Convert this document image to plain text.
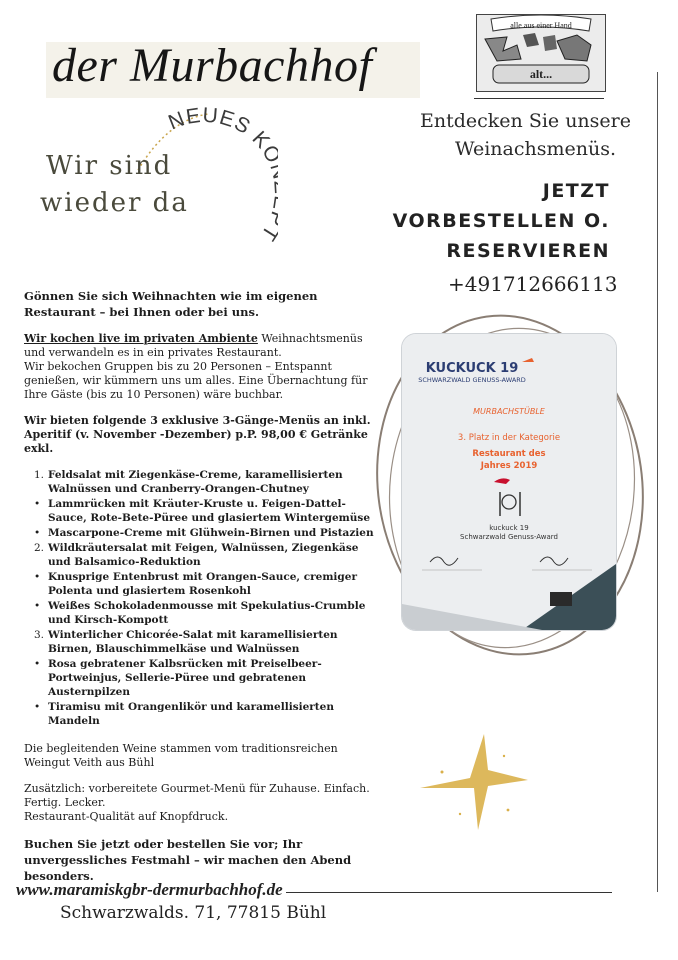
der Murbachhof
alle aus einer Hand
alt...
NEUES K
Wir sind
wieder da
Entdecken Sie unsere
Weinachsmenüs.
JETZT
VORBESTELLEN O.
RESERVIEREN
+491712666113

Gönnen Sie sich Weihnachten wie im eigenen Restaurant – bei Ihnen oder bei uns.

Wir kochen live im privaten Ambiente Weihnachtsmenüs und verwandeln es in ein privates Restaurant.
Wir bekochen Gruppen bis zu 20 Personen – Entspannt genießen, wir kümmern uns um alles. Eine Übernachtung für Ihre Gäste (bis zu 10 Personen) wäre buchbar.

Wir bieten folgende 3 exklusive 3-Gänge-Menüs an inkl. Aperitif (v. November -Dezember) p.P. 98,00 € Getränke exkl.

1. Feldsalat mit Ziegenkäse-Creme, karamellisierten Walnüssen und Cranberry-Orangen-Chutney
• Lammrücken mit Kräuter-Kruste u. Feigen-Dattel-Sauce, Rote-Bete-Püree und glasiertem Wintergemüse
• Mascarpone-Creme mit Glühwein-Birnen und Pistazien
2. Wildkräutersalat mit Feigen, Walnüssen, Ziegenkäse und Balsamico-Reduktion
• Knusprige Entenbrust mit Orangen-Sauce, cremiger Polenta und glasiertem Rosenkohl
• Weißes Schokoladenmousse mit Spekulatius-Crumble und Kirsch-Kompott
3. Winterlicher Chicorée-Salat mit karamellisierten Birnen, Blauschimmelkäse und Walnüssen
• Rosa gebratener Kalbsrücken mit Preiselbeer-Portweinjus, Sellerie-Püree und gebratenen Austernpilzen
• Tiramisu mit Orangenlikör und karamellisierten Mandeln

Die begleitenden Weine stammen vom traditionsreichen Weingut Veith aus Bühl

Zusätzlich: vorbereitete Gourmet-Menü für Zuhause. Einfach. Fertig. Lecker.
Restaurant-Qualität auf Knopfdruck.

Buchen Sie jetzt oder bestellen Sie vor; Ihr unvergessliches Festmahl – wir machen den Abend besonders.

KUCKUCK 19
SCHWARZWALD GENUSS-AWARD
MURBACHSTÜBLE
3. Platz in der Kategorie
Restaurant des
Jahres 2019
kuckuck 19
Schwarzwald Genuss-Award
www.maramiskgbr-dermurbachhof.de
Schwarzwalds. 71, 77815 Bühl
